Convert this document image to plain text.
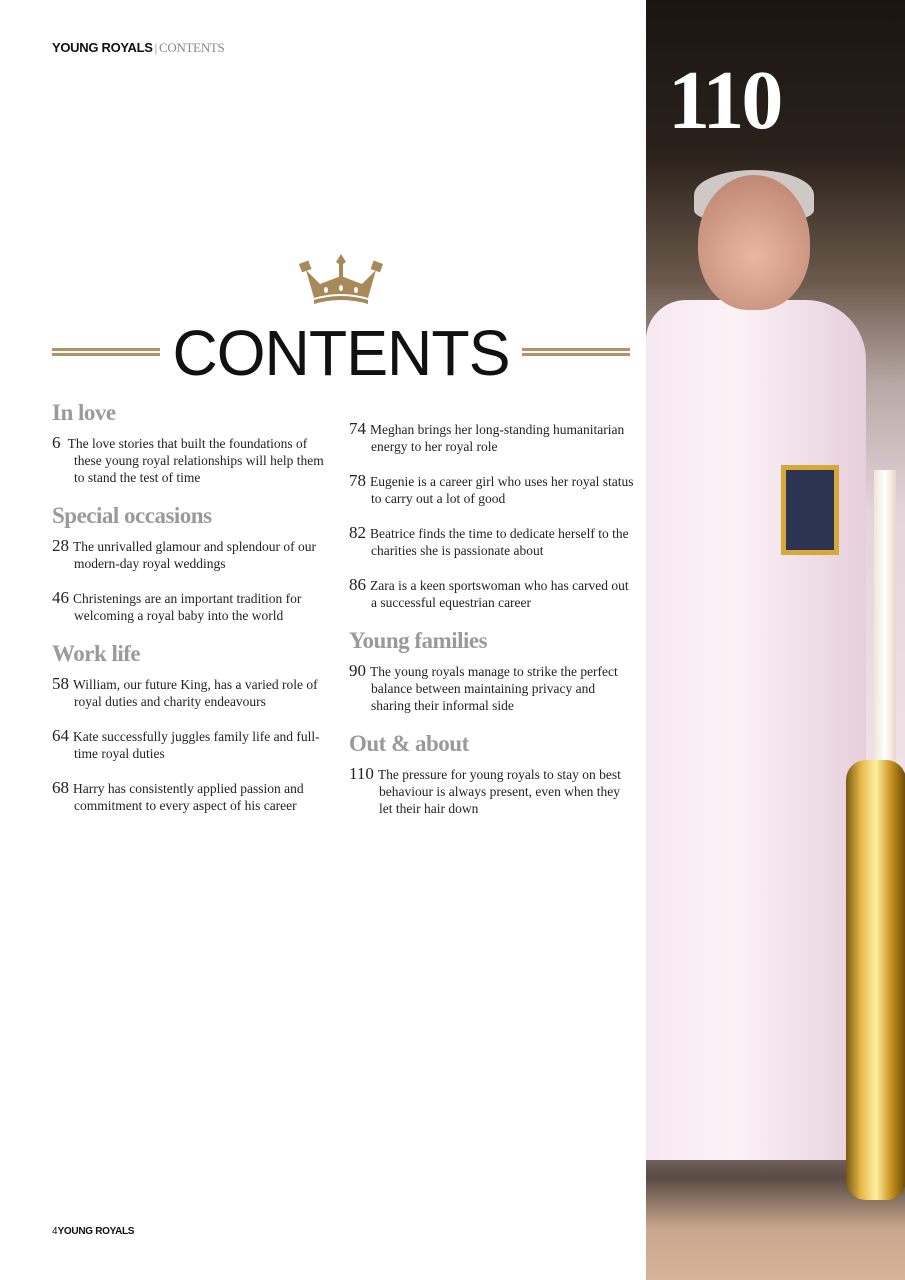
YOUNG ROYALS | CONTENTS
CONTENTS
In love
6 The love stories that built the foundations of these young royal relationships will help them to stand the test of time
Special occasions
28 The unrivalled glamour and splendour of our modern-day royal weddings
46 Christenings are an important tradition for welcoming a royal baby into the world
Work life
58 William, our future King, has a varied role of royal duties and charity endeavours
64 Kate successfully juggles family life and full-time royal duties
68 Harry has consistently applied passion and commitment to every aspect of his career
74 Meghan brings her long-standing humanitarian energy to her royal role
78 Eugenie is a career girl who uses her royal status to carry out a lot of good
82 Beatrice finds the time to dedicate herself to the charities she is passionate about
86 Zara is a keen sportswoman who has carved out a successful equestrian career
Young families
90 The young royals manage to strike the perfect balance between maintaining privacy and sharing their informal side
Out & about
110 The pressure for young royals to stay on best behaviour is always present, even when they let their hair down
110
4YOUNG ROYALS
